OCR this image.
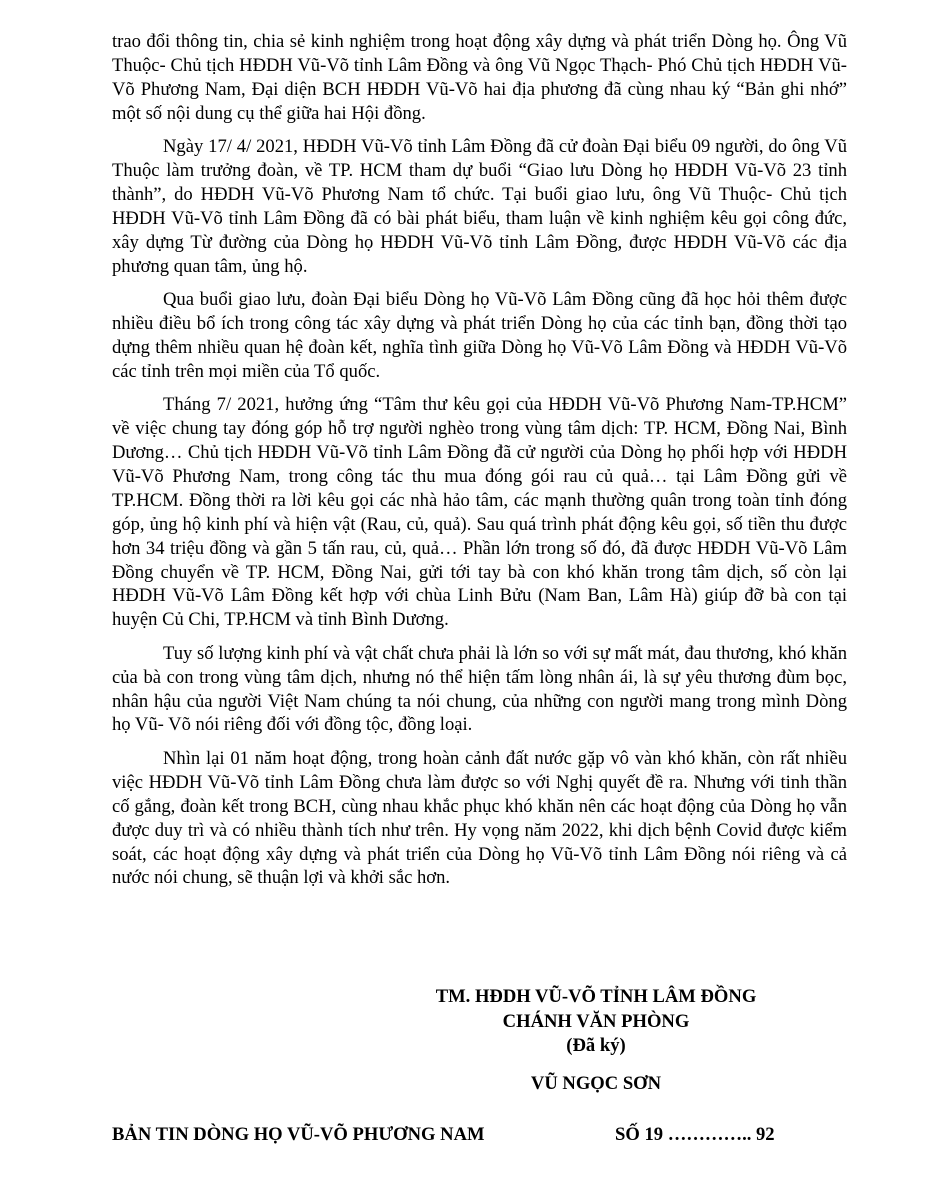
trao đổi thông tin, chia sẻ kinh nghiệm trong hoạt động xây dựng và phát triển Dòng họ. Ông Vũ Thuộc- Chủ tịch HĐDH Vũ-Võ tỉnh Lâm Đồng và ông Vũ Ngọc Thạch- Phó Chủ tịch HĐDH Vũ-Võ Phương Nam, Đại diện BCH HĐDH Vũ-Võ hai địa phương đã cùng nhau ký “Bản ghi nhớ” một số nội dung cụ thể giữa hai Hội đồng.

Ngày 17/ 4/ 2021, HĐDH Vũ-Võ tỉnh Lâm Đồng đã cử đoàn Đại biểu 09 người, do ông Vũ Thuộc làm trưởng đoàn, về TP. HCM tham dự buổi “Giao lưu Dòng họ HĐDH Vũ-Võ 23 tỉnh thành”, do HĐDH Vũ-Võ Phương Nam tổ chức. Tại buổi giao lưu, ông Vũ Thuộc- Chủ tịch HĐDH Vũ-Võ tỉnh Lâm Đồng đã có bài phát biểu, tham luận về kinh nghiệm kêu gọi công đức, xây dựng Từ đường của Dòng họ HĐDH Vũ-Võ tỉnh Lâm Đồng, được HĐDH Vũ-Võ các địa phương quan tâm, ủng hộ.

Qua buổi giao lưu, đoàn Đại biểu Dòng họ Vũ-Võ Lâm Đồng cũng đã học hỏi thêm được nhiều điều bổ ích trong công tác xây dựng và phát triển Dòng họ của các tỉnh bạn, đồng thời tạo dựng thêm nhiều quan hệ đoàn kết, nghĩa tình giữa Dòng họ Vũ-Võ Lâm Đồng và HĐDH Vũ-Võ các tỉnh trên mọi miền của Tổ quốc.

Tháng 7/ 2021, hưởng ứng “Tâm thư kêu gọi của HĐDH Vũ-Võ Phương Nam-TP.HCM” về việc chung tay đóng góp hỗ trợ người nghèo trong vùng tâm dịch: TP. HCM, Đồng Nai, Bình Dương… Chủ tịch HĐDH Vũ-Võ tỉnh Lâm Đồng đã cử người của Dòng họ phối hợp với HĐDH Vũ-Võ Phương Nam, trong công tác thu mua đóng gói rau củ quả… tại Lâm Đồng gửi về TP.HCM. Đồng thời ra lời kêu gọi các nhà hảo tâm, các mạnh thường quân trong toàn tỉnh đóng góp, ủng hộ kinh phí và hiện vật (Rau, củ, quả). Sau quá trình phát động kêu gọi, số tiền thu được hơn 34 triệu đồng và gần 5 tấn rau, củ, quả… Phần lớn trong số đó, đã được HĐDH Vũ-Võ Lâm Đồng chuyển về TP. HCM, Đồng Nai, gửi tới tay bà con khó khăn trong tâm dịch, số còn lại HĐDH Vũ-Võ Lâm Đồng kết hợp với chùa Linh Bửu (Nam Ban, Lâm Hà) giúp đỡ bà con tại huyện Củ Chi, TP.HCM và tỉnh Bình Dương.

Tuy số lượng kinh phí và vật chất chưa phải là lớn so với sự mất mát, đau thương, khó khăn của bà con trong vùng tâm dịch, nhưng nó thể hiện tấm lòng nhân ái, là sự yêu thương đùm bọc, nhân hậu của người Việt Nam chúng ta nói chung, của những con người mang trong mình Dòng họ Vũ- Võ nói riêng đối với đồng tộc, đồng loại.

Nhìn lại 01 năm hoạt động, trong hoàn cảnh đất nước gặp vô vàn khó khăn, còn rất nhiều việc HĐDH Vũ-Võ tỉnh Lâm Đồng chưa làm được so với Nghị quyết đề ra. Nhưng với tinh thần cố gắng, đoàn kết trong BCH, cùng nhau khắc phục khó khăn nên các hoạt động của Dòng họ vẫn được duy trì và có nhiều thành tích như trên. Hy vọng năm 2022, khi dịch bệnh Covid được kiểm soát, các hoạt động xây dựng và phát triển của Dòng họ Vũ-Võ tỉnh Lâm Đồng nói riêng và cả nước nói chung, sẽ thuận lợi và khởi sắc hơn.

TM. HĐDH VŨ-VÕ TỈNH LÂM ĐỒNG
CHÁNH VĂN PHÒNG
(Đã ký)
VŨ NGỌC SƠN
BẢN TIN DÒNG HỌ VŨ-VÕ PHƯƠNG NAM	SỐ 19 ………….. 92
